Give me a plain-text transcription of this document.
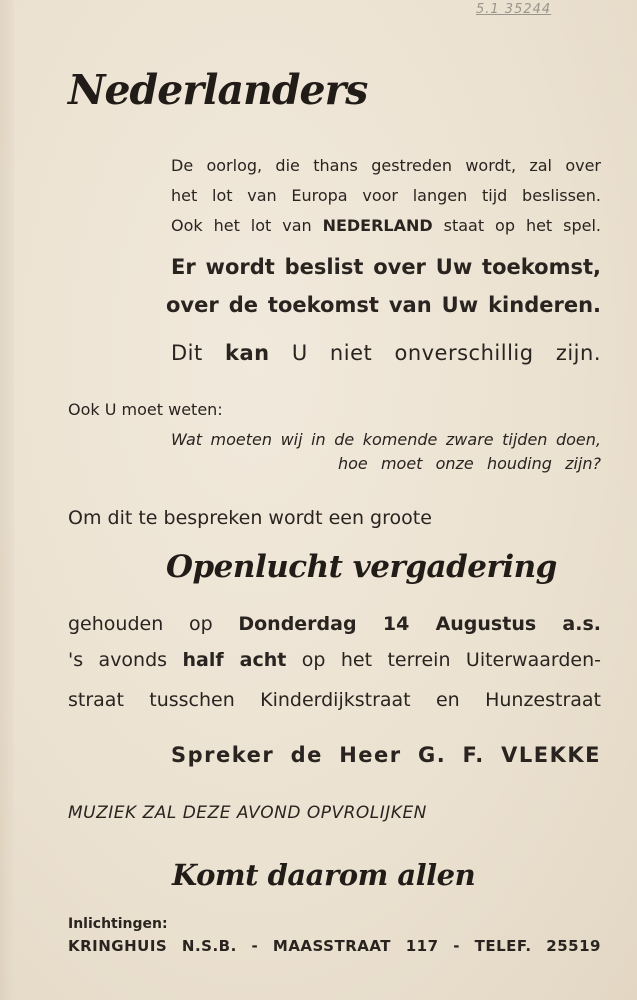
5.1 35244
Nederlanders
De oorlog, die thans gestreden wordt, zal over
het lot van Europa voor langen tijd beslissen.
Ook het lot van NEDERLAND staat op het spel.
Er wordt beslist over Uw toekomst,
over de toekomst van Uw kinderen.
Dit kan U niet onverschillig zijn.
Ook U moet weten:
Wat moeten wij in de komende zware tijden doen,
hoe moet onze houding zijn?
Om dit te bespreken wordt een groote
Openlucht vergadering
gehouden op Donderdag 14 Augustus a.s.
's avonds half acht op het terrein Uiterwaarden-
straat tusschen Kinderdijkstraat en Hunzestraat
Spreker de Heer G. F. VLEKKE
MUZIEK ZAL DEZE AVOND OPVROLIJKEN
Komt daarom allen
Inlichtingen:
KRINGHUIS N.S.B. - MAASSTRAAT 117 - TELEF. 25519
